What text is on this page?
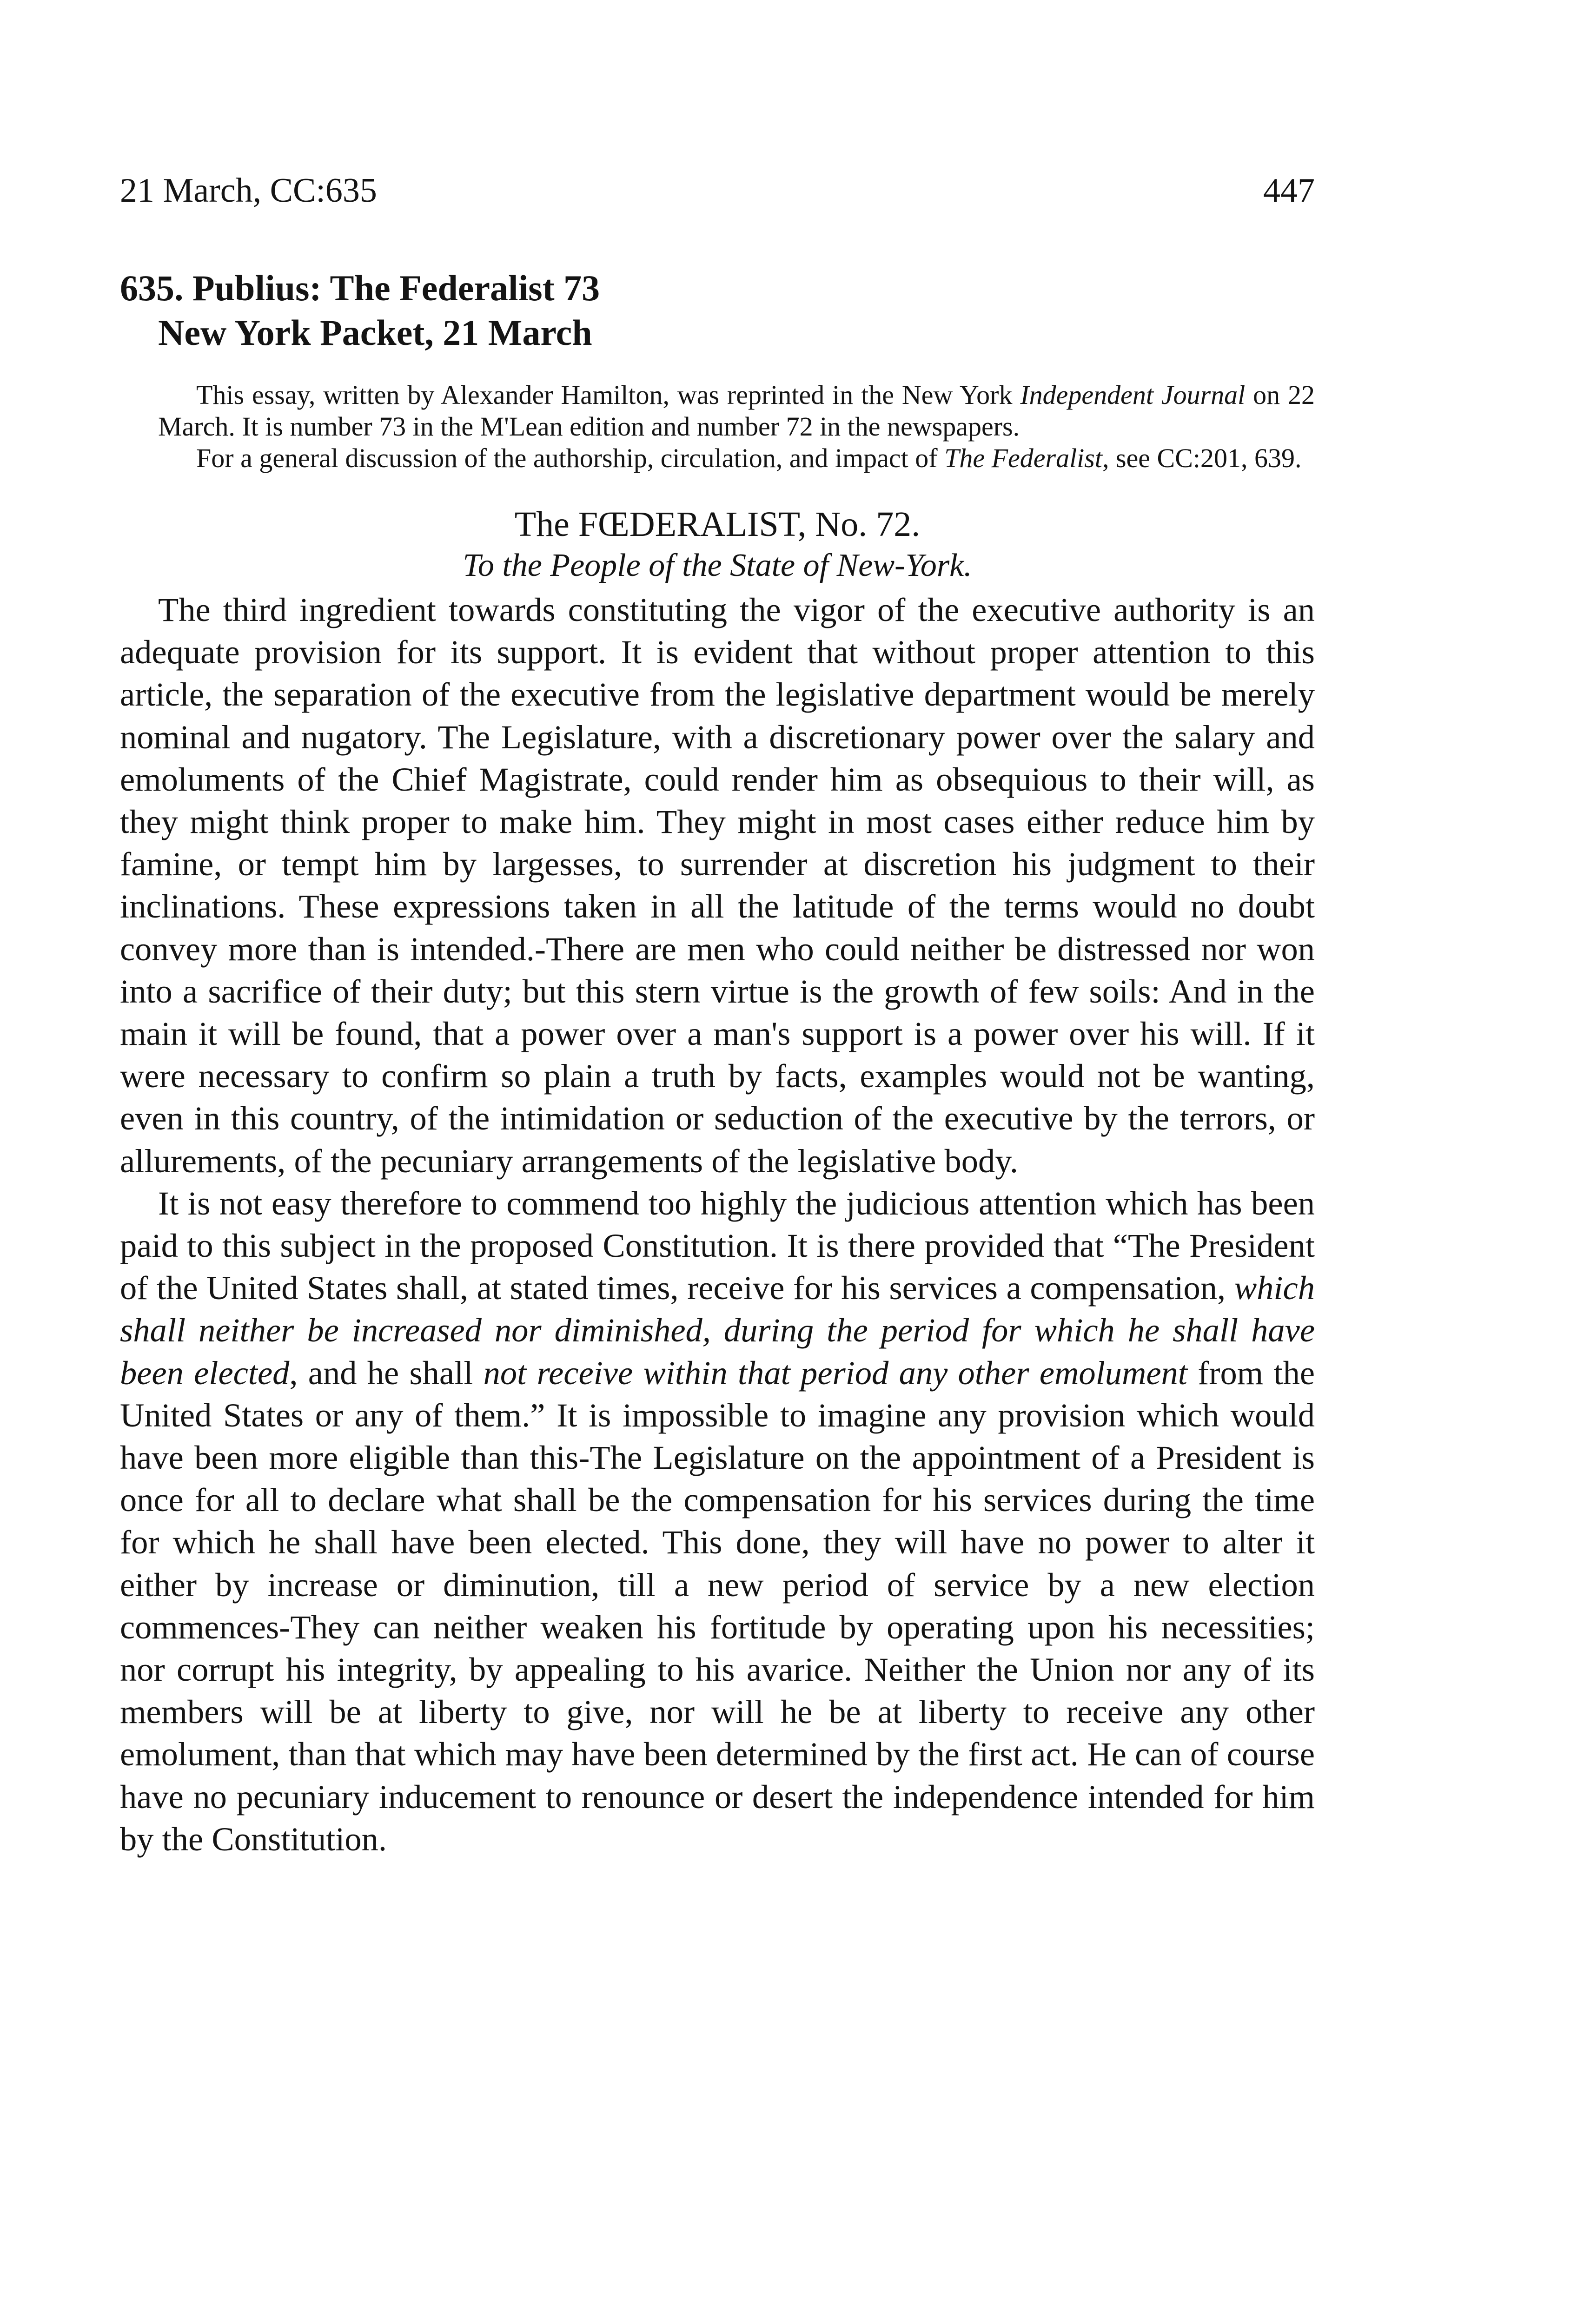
21 March, CC:635	447
635. Publius: The Federalist 73
New York Packet, 21 March

This essay, written by Alexander Hamilton, was reprinted in the New York Independent Journal on 22 March. It is number 73 in the M'Lean edition and number 72 in the newspapers.

For a general discussion of the authorship, circulation, and impact of The Federalist, see CC:201, 639.

The FŒDERALIST, No. 72.
To the People of the State of New-York.

The third ingredient towards constituting the vigor of the executive authority is an adequate provision for its support. It is evident that without proper attention to this article, the separation of the executive from the legislative department would be merely nominal and nugatory. The Legislature, with a discretionary power over the salary and emoluments of the Chief Magistrate, could render him as obsequious to their will, as they might think proper to make him. They might in most cases either reduce him by famine, or tempt him by largesses, to surrender at discretion his judgment to their inclinations. These expressions taken in all the latitude of the terms would no doubt convey more than is intended.-There are men who could neither be distressed nor won into a sacrifice of their duty; but this stern virtue is the growth of few soils: And in the main it will be found, that a power over a man's support is a power over his will. If it were necessary to confirm so plain a truth by facts, examples would not be wanting, even in this country, of the intimidation or seduction of the executive by the terrors, or allurements, of the pecuniary arrangements of the legislative body.

It is not easy therefore to commend too highly the judicious attention which has been paid to this subject in the proposed Constitution. It is there provided that “The President of the United States shall, at stated times, receive for his services a compensation, which shall neither be increased nor diminished, during the period for which he shall have been elected, and he shall not receive within that period any other emolument from the United States or any of them.” It is impossible to imagine any provision which would have been more eligible than this-The Legislature on the appointment of a President is once for all to declare what shall be the compensation for his services during the time for which he shall have been elected. This done, they will have no power to alter it either by increase or diminution, till a new period of service by a new election commences-They can neither weaken his fortitude by operating upon his necessities; nor corrupt his integrity, by appealing to his avarice. Neither the Union nor any of its members will be at liberty to give, nor will he be at liberty to receive any other emolument, than that which may have been determined by the first act. He can of course have no pecuniary inducement to renounce or desert the independence intended for him by the Constitution.
